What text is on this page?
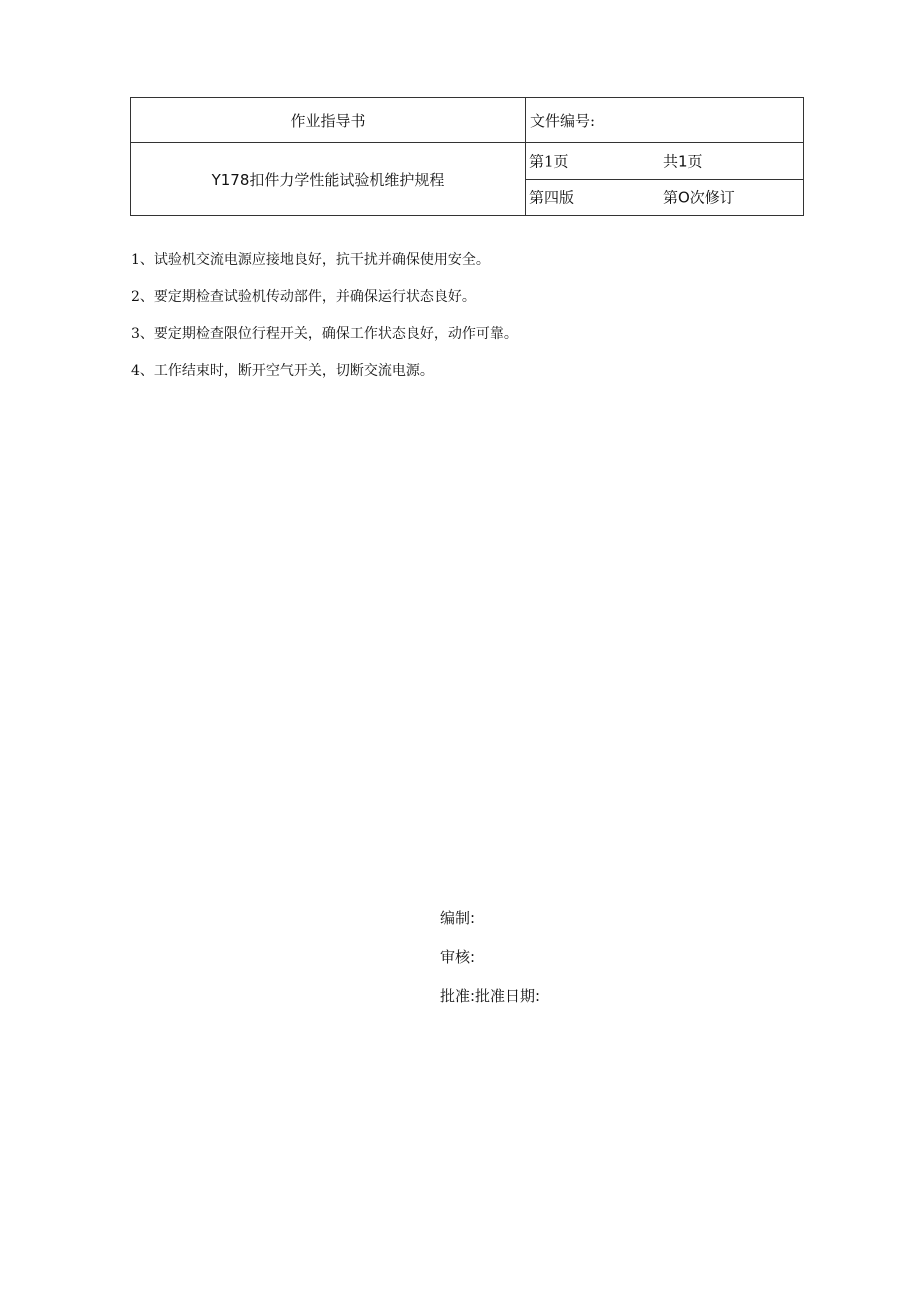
作业指导书	文件编号:
Y178扣件力学性能试验机维护规程	第1页 共1页

	第四版 第O次修订
1、试验机交流电源应接地良好，抗干扰并确保使用安全。
2、要定期检查试验机传动部件，并确保运行状态良好。
3、要定期检查限位行程开关，确保工作状态良好，动作可靠。
4、工作结束时，断开空气开关，切断交流电源。
编制:
审核:
批准:批准日期:
